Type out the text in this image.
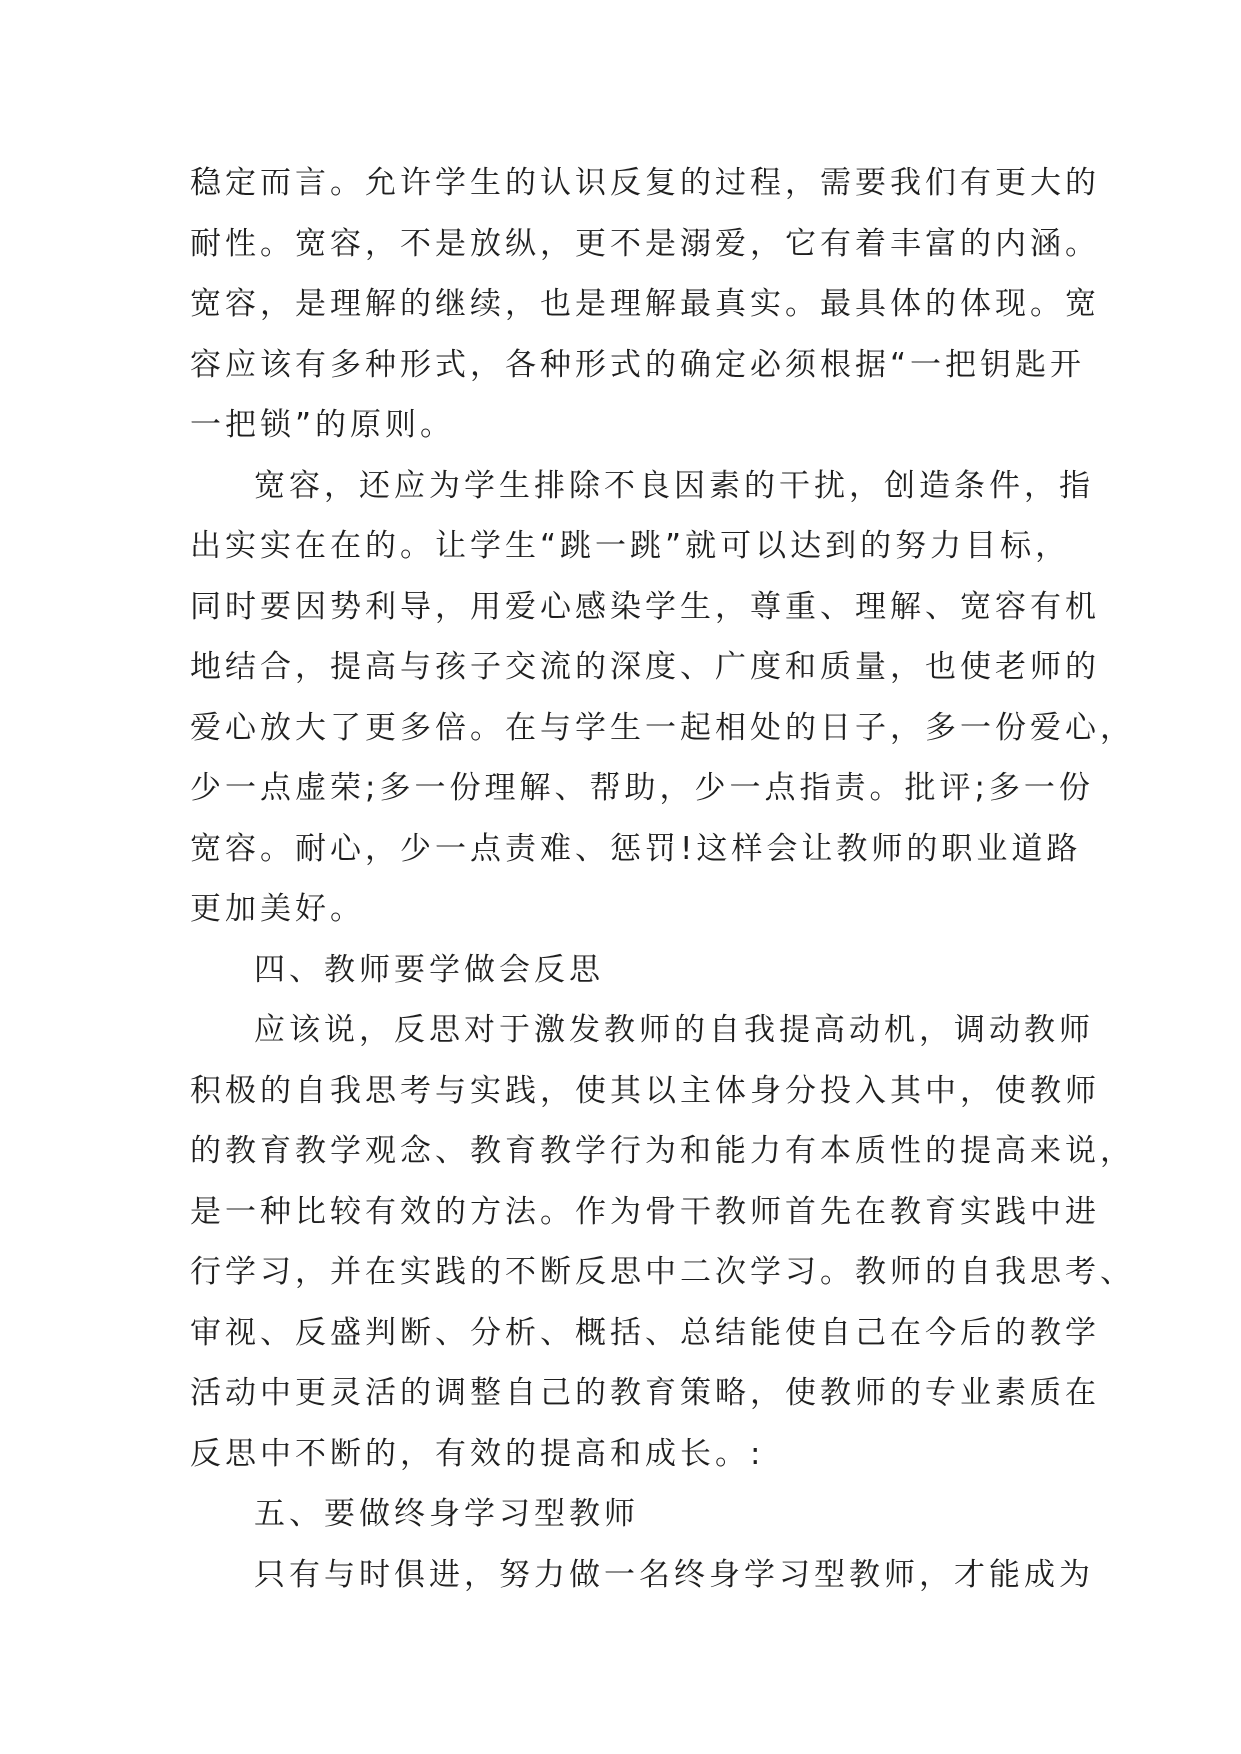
稳定而言。允许学生的认识反复的过程，需要我们有更大的
耐性。宽容，不是放纵，更不是溺爱，它有着丰富的内涵。
宽容，是理解的继续，也是理解最真实。最具体的体现。宽
容应该有多种形式，各种形式的确定必须根据“一把钥匙开
一把锁”的原则。
宽容，还应为学生排除不良因素的干扰，创造条件，指
出实实在在的。让学生“跳一跳”就可以达到的努力目标，
同时要因势利导，用爱心感染学生，尊重、理解、宽容有机
地结合，提高与孩子交流的深度、广度和质量，也使老师的
爱心放大了更多倍。在与学生一起相处的日子，多一份爱心，
少一点虚荣;多一份理解、帮助，少一点指责。批评;多一份
宽容。耐心，少一点责难、惩罚!这样会让教师的职业道路
更加美好。
四、教师要学做会反思
应该说，反思对于激发教师的自我提高动机，调动教师
积极的自我思考与实践，使其以主体身分投入其中，使教师
的教育教学观念、教育教学行为和能力有本质性的提高来说，
是一种比较有效的方法。作为骨干教师首先在教育实践中进
行学习，并在实践的不断反思中二次学习。教师的自我思考、
审视、反盛判断、分析、概括、总结能使自己在今后的教学
活动中更灵活的调整自己的教育策略，使教师的专业素质在
反思中不断的，有效的提高和成长。:
五、要做终身学习型教师
只有与时俱进，努力做一名终身学习型教师，才能成为
